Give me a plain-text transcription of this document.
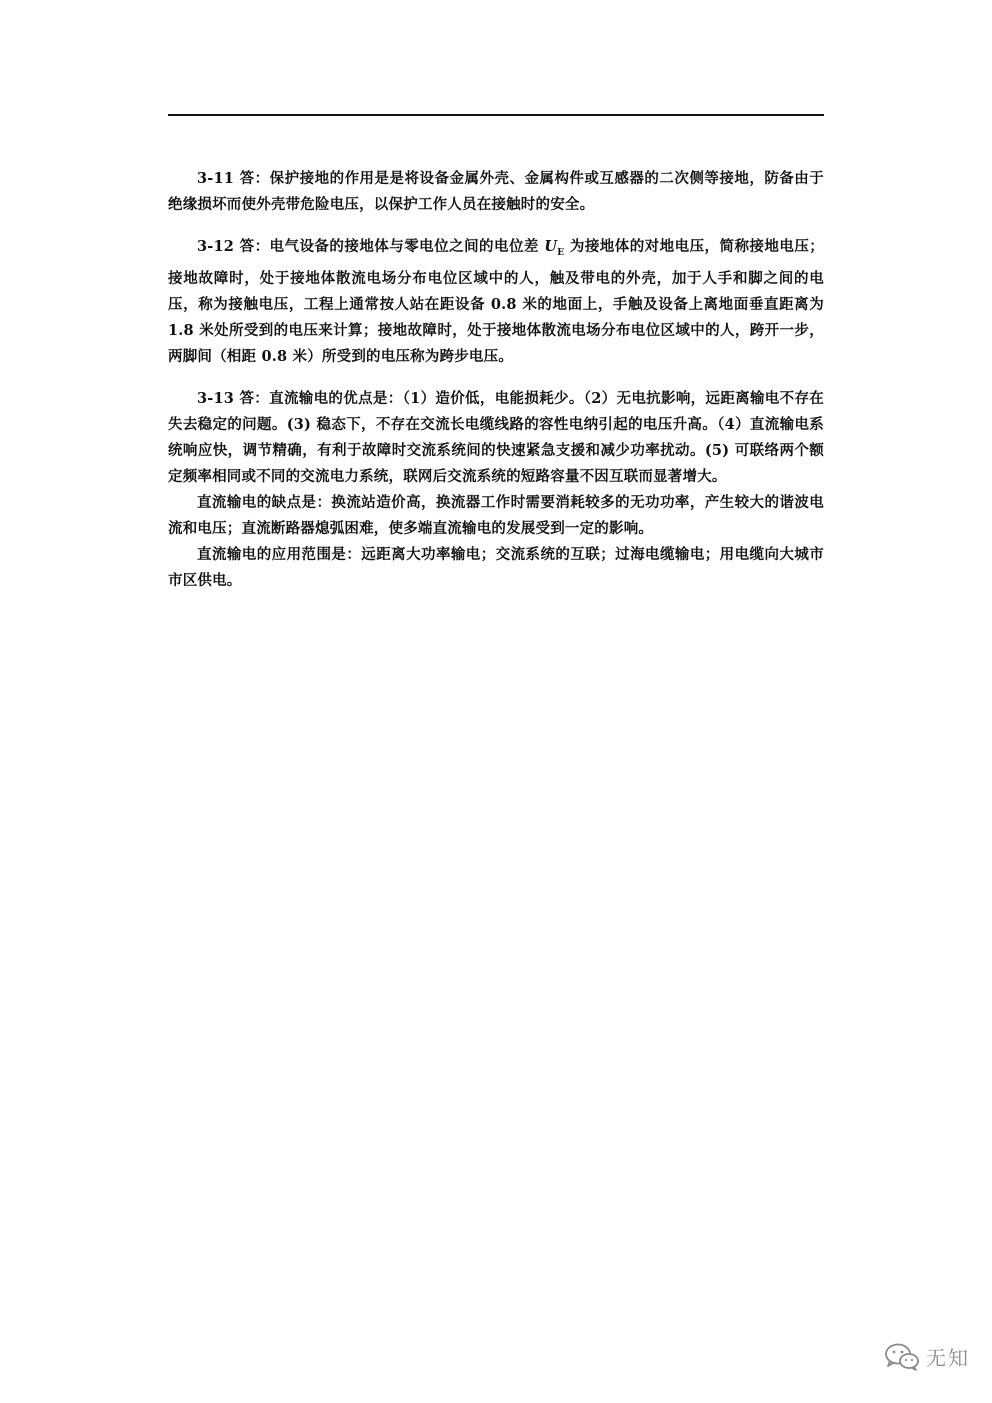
3-11 答：保护接地的作用是是将设备金属外壳、金属构件或互感器的二次侧等接地，防备由于绝缘损坏而使外壳带危险电压，以保护工作人员在接触时的安全。

3-12 答：电气设备的接地体与零电位之间的电位差 $U_E$ 为接地体的对地电压，简称接地电压；接地故障时，处于接地体散流电场分布电位区域中的人，触及带电的外壳，加于人手和脚之间的电压，称为接触电压，工程上通常按人站在距设备 0.8 米的地面上，手触及设备上离地面垂直距离为 1.8 米处所受到的电压来计算；接地故障时，处于接地体散流电场分布电位区域中的人，跨开一步，两脚间（相距 0.8 米）所受到的电压称为跨步电压。

3-13 答：直流输电的优点是：（1）造价低，电能损耗少。（2）无电抗影响，远距离输电不存在失去稳定的问题。(3) 稳态下，不存在交流长电缆线路的容性电纳引起的电压升高。（4）直流输电系统响应快，调节精确，有利于故障时交流系统间的快速紧急支援和减少功率扰动。(5) 可联络两个额定频率相同或不同的交流电力系统，联网后交流系统的短路容量不因互联而显著增大。

直流输电的缺点是：换流站造价高，换流器工作时需要消耗较多的无功功率，产生较大的谐波电流和电压；直流断路器熄弧困难，使多端直流输电的发展受到一定的影响。

直流输电的应用范围是：远距离大功率输电；交流系统的互联；过海电缆输电；用电缆向大城市市区供电。

无知
